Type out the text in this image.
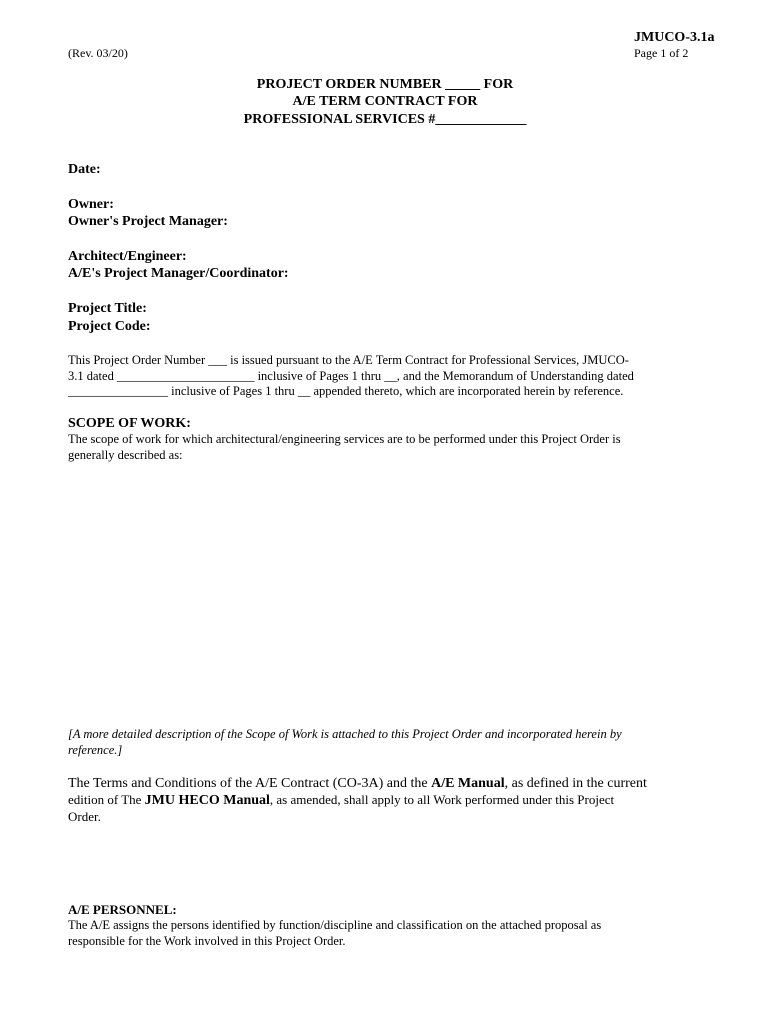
JMUCO-3.1a
(Rev. 03/20)	Page 1 of 2
PROJECT ORDER NUMBER _____ FOR
A/E TERM CONTRACT FOR
PROFESSIONAL SERVICES #_____________
Date:
Owner:
Owner's Project Manager:
Architect/Engineer:
A/E's Project Manager/Coordinator:
Project Title:
Project Code:
This Project Order Number ___ is issued pursuant to the A/E Term Contract for Professional Services, JMUCO-
3.1 dated ______________________ inclusive of Pages 1 thru __, and the Memorandum of Understanding dated
________________ inclusive of Pages 1 thru __ appended thereto, which are incorporated herein by reference.
SCOPE OF WORK:
The scope of work for which architectural/engineering services are to be performed under this Project Order is
generally described as:
[A more detailed description of the Scope of Work is attached to this Project Order and incorporated herein by
reference.]
The Terms and Conditions of the A/E Contract (CO-3A) and the A/E Manual, as defined in the current
edition of The JMU HECO Manual, as amended, shall apply to all Work performed under this Project
Order.
A/E PERSONNEL:
The A/E assigns the persons identified by function/discipline and classification on the attached proposal as
responsible for the Work involved in this Project Order.
